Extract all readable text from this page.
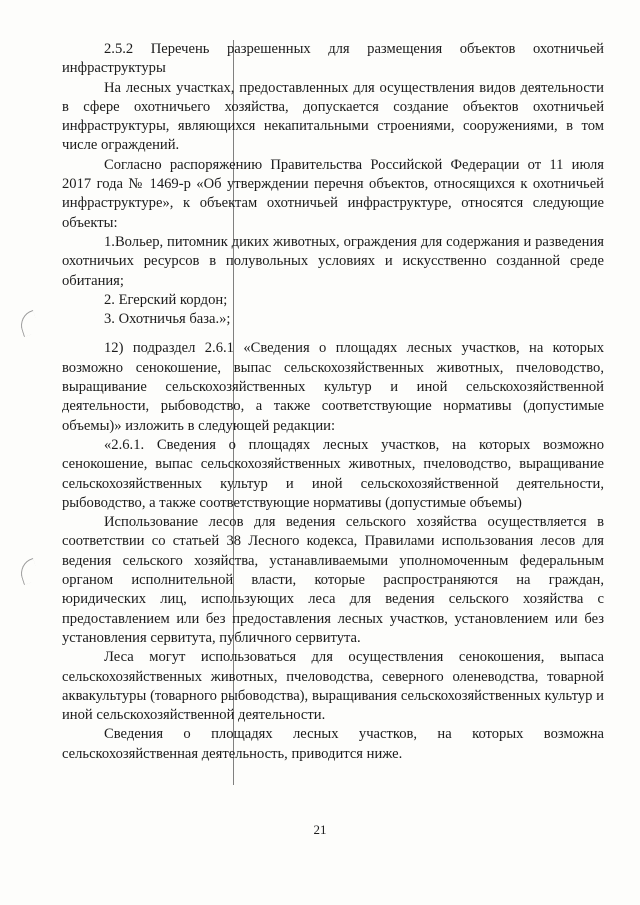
2.5.2 Перечень разрешенных для размещения объектов охотничьей инфраструктуры

На лесных участках, предоставленных для осуществления видов деятельности в сфере охотничьего хозяйства, допускается создание объектов охотничьей инфраструктуры, являющихся некапитальными строениями, сооружениями, в том числе ограждений.

Согласно распоряжению Правительства Российской Федерации от 11 июля 2017 года № 1469-р «Об утверждении перечня объектов, относящихся к охотничьей инфраструктуре», к объектам охотничьей инфраструктуре, относятся следующие объекты:

1.Вольер, питомник диких животных, ограждения для содержания и разведения охотничьих ресурсов в полувольных условиях и искусственно созданной среде обитания;

2. Егерский кордон;

3. Охотничья база.»;

12) подраздел 2.6.1 «Сведения о площадях лесных участков, на которых возможно сенокошение, выпас сельскохозяйственных животных, пчеловодство, выращивание сельскохозяйственных культур и иной сельскохозяйственной деятельности, рыбоводство, а также соответствующие нормативы (допустимые объемы)» изложить в следующей редакции:

«2.6.1. Сведения о площадях лесных участков, на которых возможно сенокошение, выпас сельскохозяйственных животных, пчеловодство, выращивание сельскохозяйственных культур и иной сельскохозяйственной деятельности, рыбоводство, а также соответствующие нормативы (допустимые объемы)

Использование лесов для ведения сельского хозяйства осуществляется в соответствии со статьей 38 Лесного кодекса, Правилами использования лесов для ведения сельского хозяйства, устанавливаемыми уполномоченным федеральным органом исполнительной власти, которые распространяются на граждан, юридических лиц, использующих леса для ведения сельского хозяйства с предоставлением или без предоставления лесных участков, установлением или без установления сервитута, публичного сервитута.

Леса могут использоваться для осуществления сенокошения, выпаса сельскохозяйственных животных, пчеловодства, северного оленеводства, товарной аквакультуры (товарного рыбоводства), выращивания сельскохозяйственных культур и иной сельскохозяйственной деятельности.

Сведения о площадях лесных участков, на которых возможна сельскохозяйственная деятельность, приводится ниже.

21
